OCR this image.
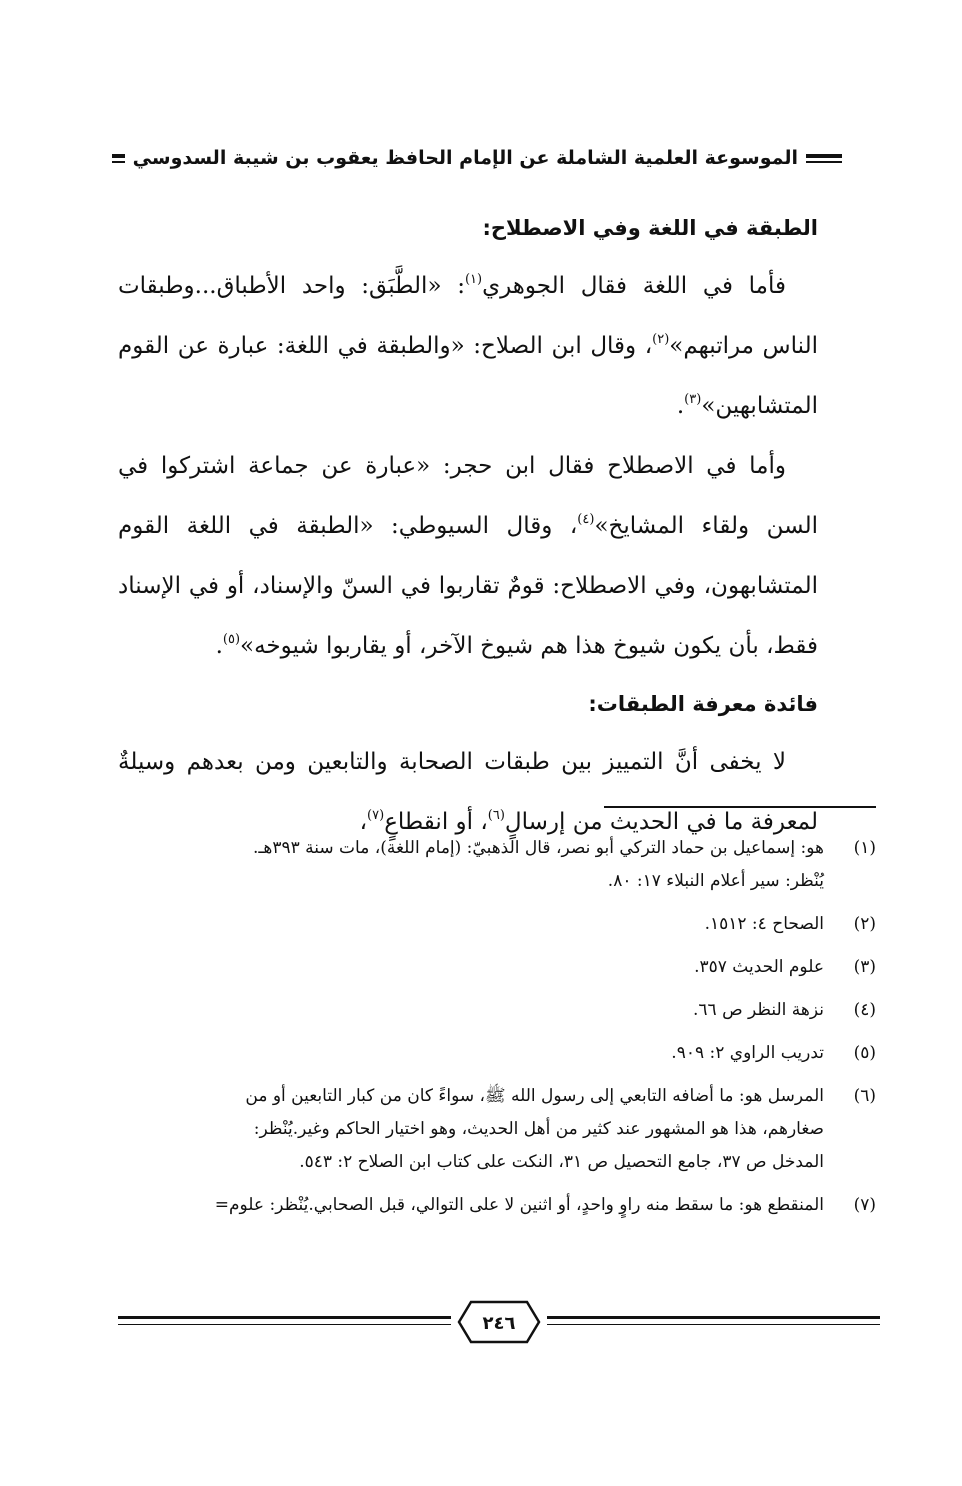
الموسوعة العلمية الشاملة عن الإمام الحافظ يعقوب بن شيبة السدوسي

الطبقة في اللغة وفي الاصطلاح:

فأما في اللغة فقال الجوهري$^{(١)}$: «الطَّبَق: واحد الأطباق...وطبقات الناس مراتبهم»$^{(٢)}$، وقال ابن الصلاح: «والطبقة في اللغة: عبارة عن القوم المتشابهين»$^{(٣)}$.

وأما في الاصطلاح فقال ابن حجر: «عبارة عن جماعة اشتركوا في السن ولقاء المشايخ»$^{(٤)}$، وقال السيوطي: «الطبقة في اللغة القوم المتشابهون، وفي الاصطلاح: قومٌ تقاربوا في السنّ والإسناد، أو في الإسناد فقط، بأن يكون شيوخ هذا هم شيوخ الآخر، أو يقاربوا شيوخه»$^{(٥)}$.

فائدة معرفة الطبقات:

لا يخفى أنَّ التمييز بين طبقات الصحابة والتابعين ومن بعدهم وسيلةٌ لمعرفة ما في الحديث من إرسالٍ$^{(٦)}$، أو انقطاعٍ$^{(٧)}$،

(١)
هو: إسماعيل بن حماد التركي أبو نصر، قال الذهبيّ: (إمام اللغة)، مات سنة ٣٩٣هـ.
يُنْظر: سير أعلام النبلاء ١٧: ٨٠.
(٢)
الصحاح ٤: ١٥١٢.
(٣)
علوم الحديث ٣٥٧.
(٤)
نزهة النظر ص ٦٦.
(٥)
تدريب الراوي ٢: ٩٠٩.
(٦)
المرسل هو: ما أضافه التابعي إلى رسول الله ﷺ، سواءً كان من كبار التابعين أو من
صغارهم، هذا هو المشهور عند كثير من أهل الحديث، وهو اختيار الحاكم وغير.يُنْظر:
المدخل ص ٣٧، جامع التحصيل ص ٣١، النكت على كتاب ابن الصلاح ٢: ٥٤٣.
(٧)
المنقطع هو: ما سقط منه راوٍ واحدٍ، أو اثنين لا على التوالي، قبل الصحابي.يُنْظر: علوم=
٢٤٦
